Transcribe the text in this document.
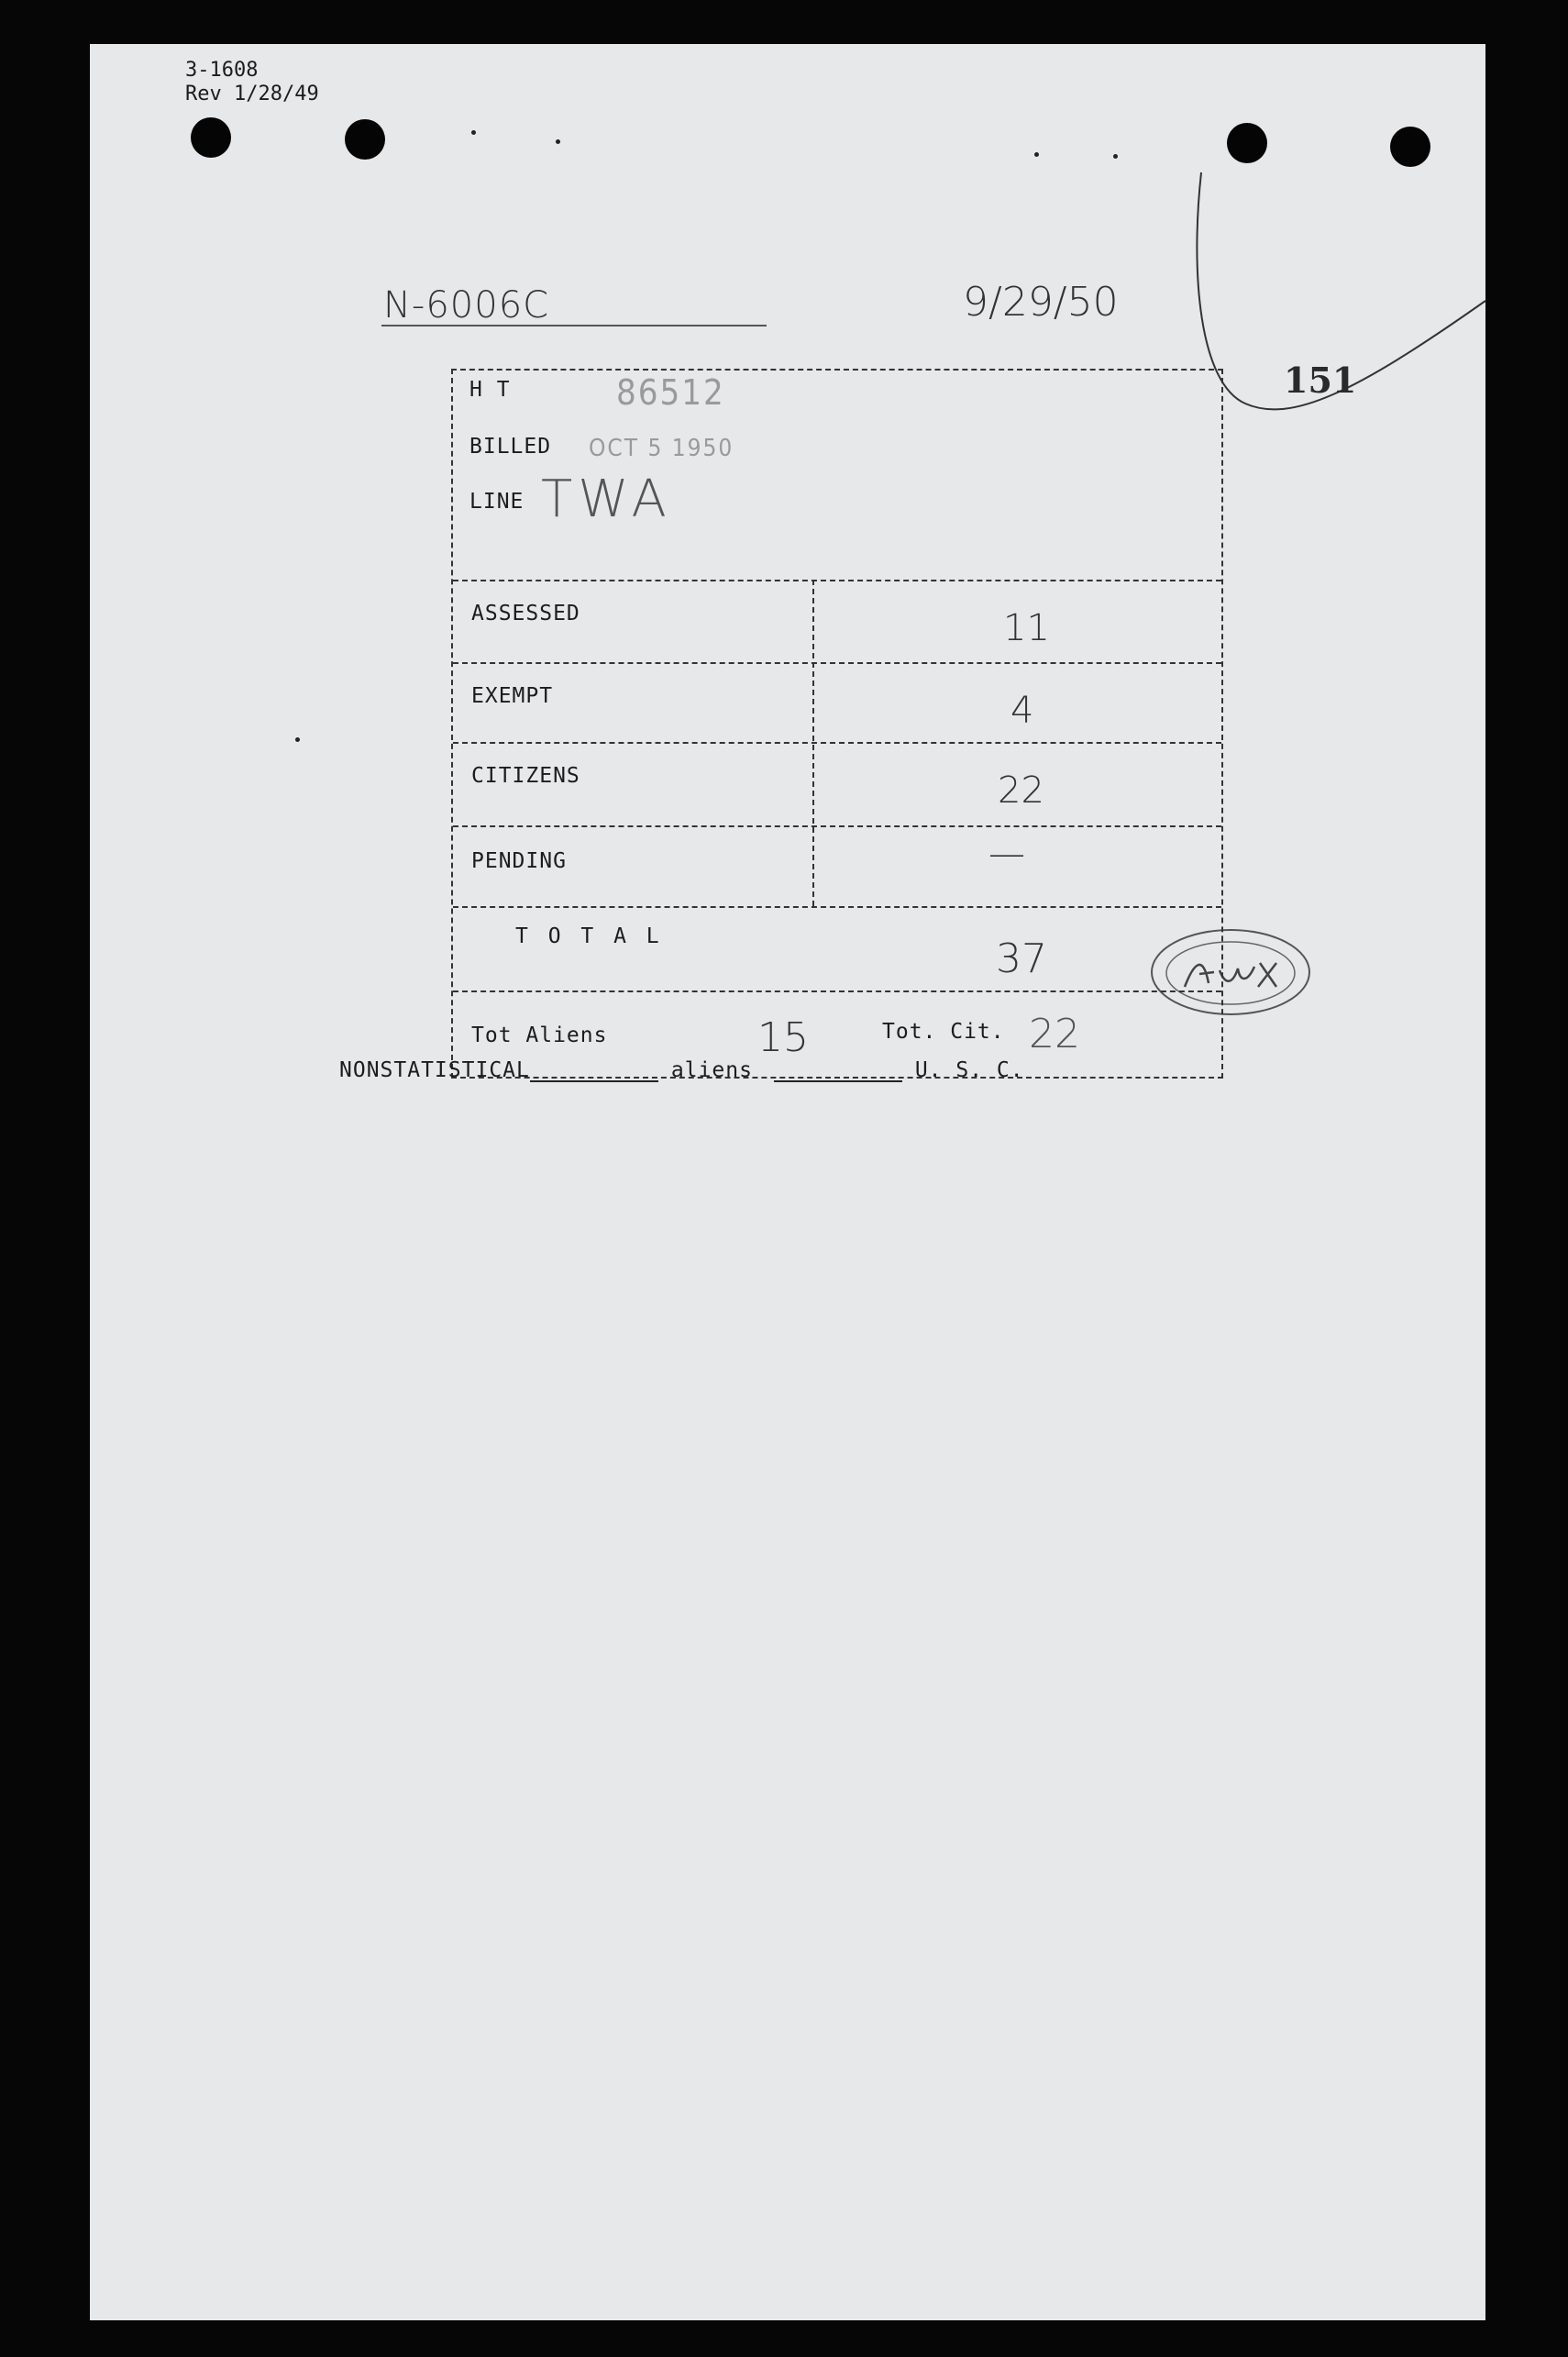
3-1608
Rev 1/28/49
N-6006C	9/29/50
151
H T	86512
BILLED OCT 5 1950
LINE TWA
ASSESSED	11
EXEMPT	4
CITIZENS	22
PENDING	—
T O T A L	37
Tot Aliens	15	Tot. Cit. 22
NONSTATISTICAL	aliens	U. S. C.
